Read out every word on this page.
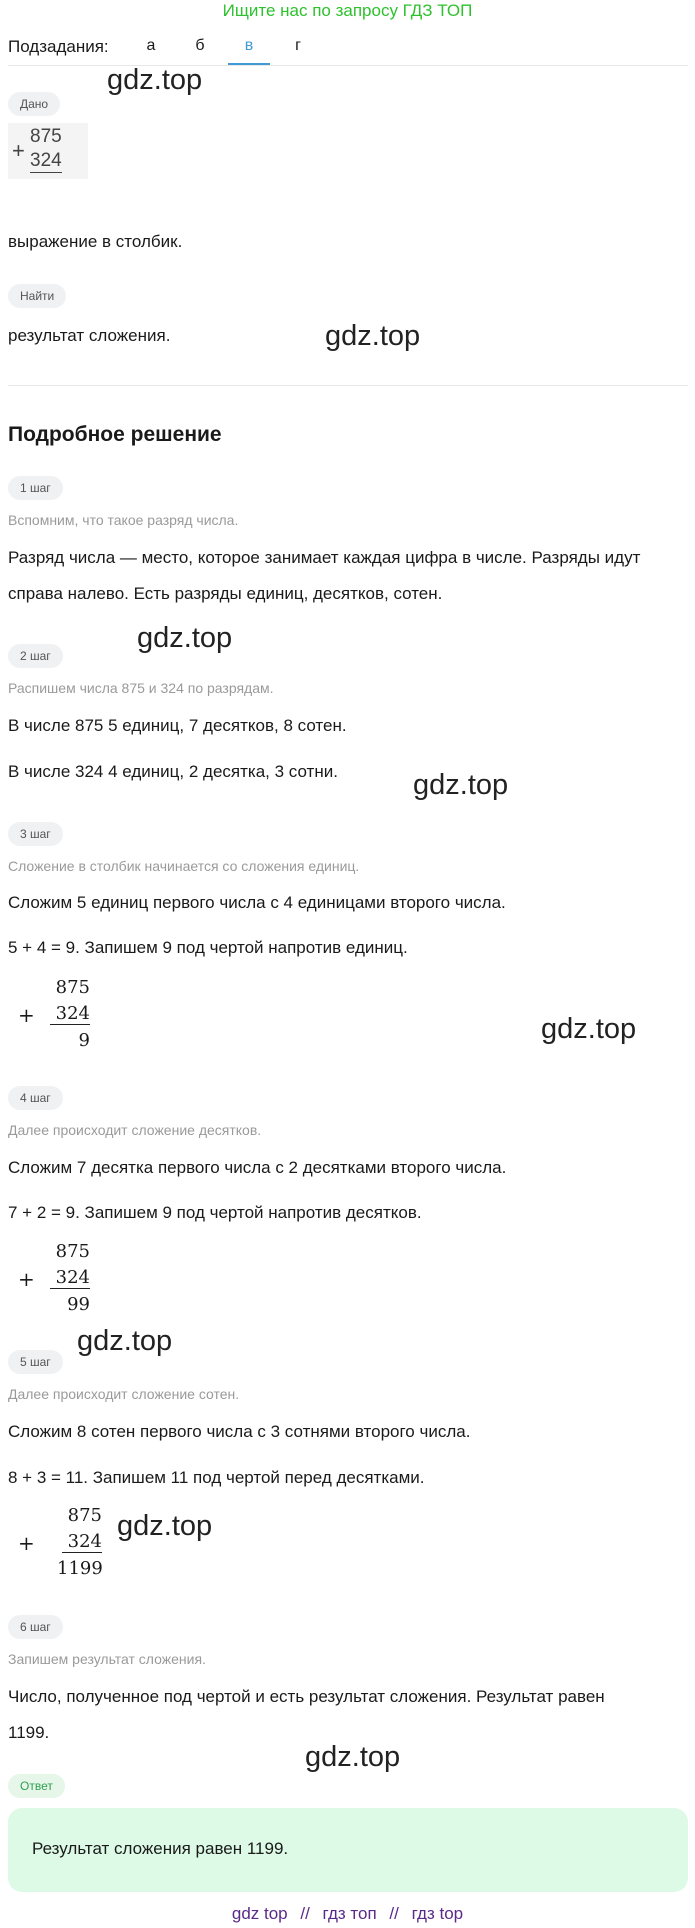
Ищите нас по запросу ГДЗ ТОП
Подзадания:	а	б	в	г
Дано
gdz.top
+
875
324
выражение в столбик.
Найти
результат сложения.	gdz.top
Подробное решение
1 шаг
Вспомним, что такое разряд числа.
Разряд числа — место, которое занимает каждая цифра в числе. Разряды идут
справа налево. Есть разряды единиц, десятков, сотен.
2 шаг
gdz.top
Распишем числа 875 и 324 по разрядам.
В числе 875 5 единиц, 7 десятков, 8 сотен.
В числе 324 4 единиц, 2 десятка, 3 сотни.	gdz.top
3 шаг
Сложение в столбик начинается со сложения единиц.
Сложим 5 единиц первого числа с 4 единицами второго числа.
5 + 4 = 9. Запишем 9 под чертой напротив единиц.
+
875
324
9	gdz.top
4 шаг
Далее происходит сложение десятков.
Сложим 7 десятка первого числа с 2 десятками второго числа.
7 + 2 = 9. Запишем 9 под чертой напротив десятков.
+
875
324
99
gdz.top
5 шаг
Далее происходит сложение сотен.
Сложим 8 сотен первого числа с 3 сотнями второго числа.
8 + 3 = 11. Запишем 11 под чертой перед десятками.
+
875
324
1199
gdz.top
6 шаг
Запишем результат сложения.
Число, полученное под чертой и есть результат сложения. Результат равен
1199.
gdz.top
Ответ
Результат сложения равен 1199.
gdz top // гдз топ // гдз top
